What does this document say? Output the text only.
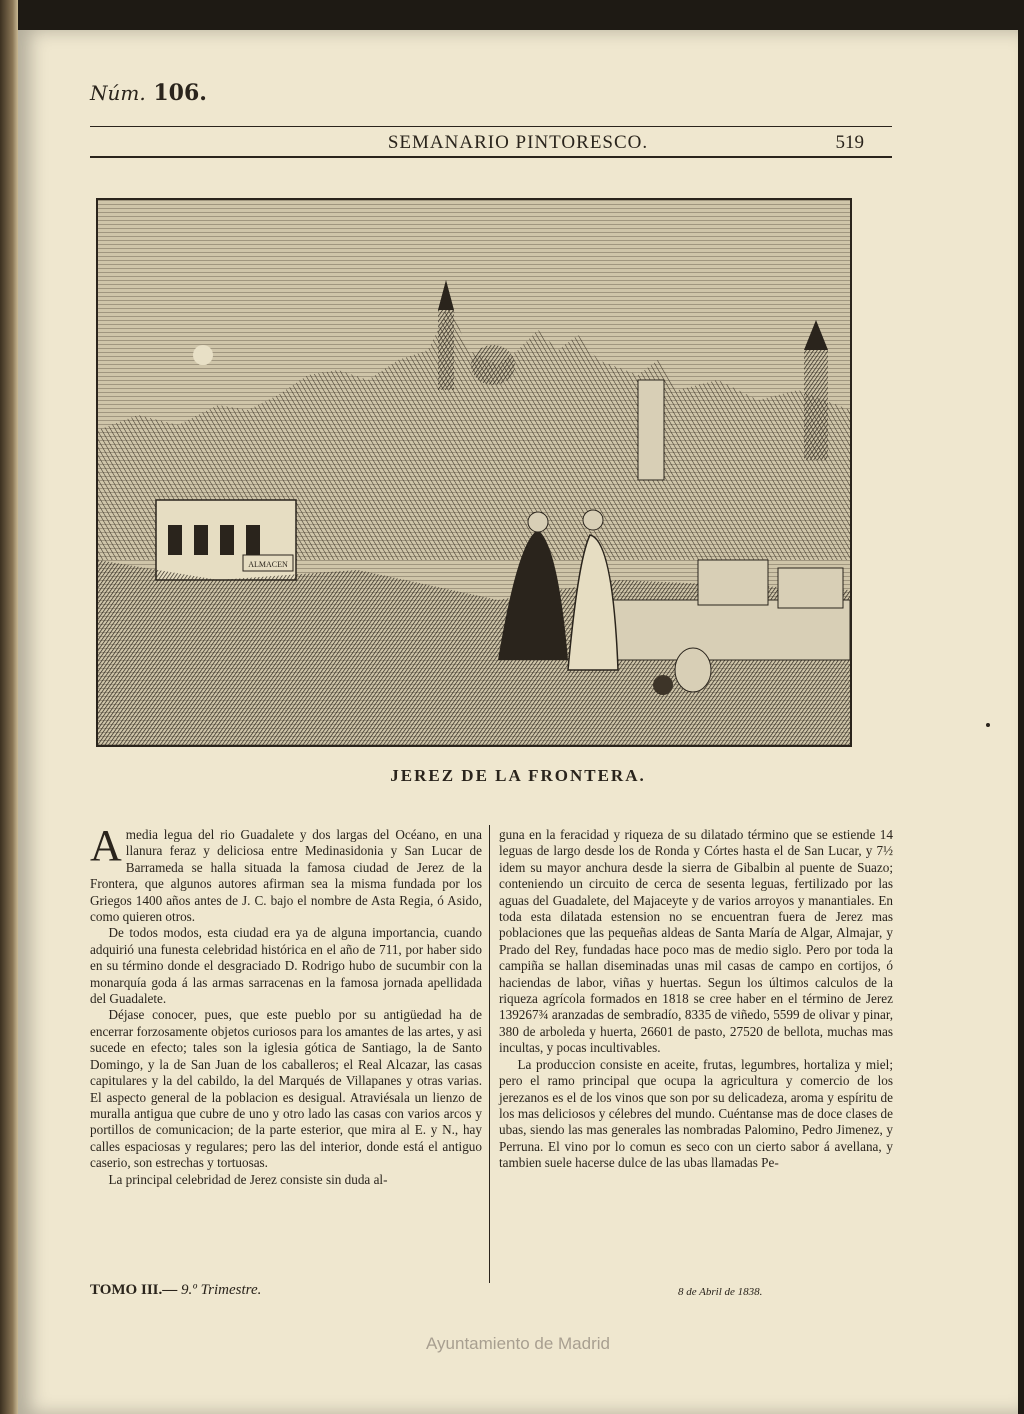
Núm. 106.
SEMANARIO PINTORESCO.	519
ALMACEN
JEREZ DE LA FRONTERA.

Amedia legua del rio Guadalete y dos largas del Océano, en una llanura feraz y deliciosa entre Medinasidonia y San Lucar de Barrameda se halla situada la famosa ciudad de Jerez de la Frontera, que algunos autores afirman sea la misma fundada por los Griegos 1400 años antes de J. C. bajo el nombre de Asta Regia, ó Asido, como quieren otros.

De todos modos, esta ciudad era ya de alguna importancia, cuando adquirió una funesta celebridad histórica en el año de 711, por haber sido en su término donde el desgraciado D. Rodrigo hubo de sucumbir con la monarquía goda á las armas sarracenas en la famosa jornada apellidada del Guadalete.

Déjase conocer, pues, que este pueblo por su antigüedad ha de encerrar forzosamente objetos curiosos para los amantes de las artes, y asi sucede en efecto; tales son la iglesia gótica de Santiago, la de Santo Domingo, y la de San Juan de los caballeros; el Real Alcazar, las casas capitulares y la del cabildo, la del Marqués de Villapanes y otras varias. El aspecto general de la poblacion es desigual. Atraviésala un lienzo de muralla antigua que cubre de uno y otro lado las casas con varios arcos y portillos de comunicacion; de la parte esterior, que mira al E. y N., hay calles espaciosas y regulares; pero las del interior, donde está el antiguo caserio, son estrechas y tortuosas.

La principal celebridad de Jerez consiste sin duda al-

guna en la feracidad y riqueza de su dilatado término que se estiende 14 leguas de largo desde los de Ronda y Córtes hasta el de San Lucar, y 7½ idem su mayor anchura desde la sierra de Gibalbin al puente de Suazo; conteniendo un circuito de cerca de sesenta leguas, fertilizado por las aguas del Guadalete, del Majaceyte y de varios arroyos y manantiales. En toda esta dilatada estension no se encuentran fuera de Jerez mas poblaciones que las pequeñas aldeas de Santa María de Algar, Almajar, y Prado del Rey, fundadas hace poco mas de medio siglo. Pero por toda la campiña se hallan diseminadas unas mil casas de campo en cortijos, ó haciendas de labor, viñas y huertas. Segun los últimos calculos de la riqueza agrícola formados en 1818 se cree haber en el término de Jerez 139267¾ aranzadas de sembradío, 8335 de viñedo, 5599 de olivar y pinar, 380 de arboleda y huerta, 26601 de pasto, 27520 de bellota, muchas mas incultas, y pocas incultivables.

La produccion consiste en aceite, frutas, legumbres, hortaliza y miel; pero el ramo principal que ocupa la agricultura y comercio de los jerezanos es el de los vinos que son por su delicadeza, aroma y espíritu de los mas deliciosos y célebres del mundo. Cuéntanse mas de doce clases de ubas, siendo las mas generales las nombradas Palomino, Pedro Jimenez, y Perruna. El vino por lo comun es seco con un cierto sabor á avellana, y tambien suele hacerse dulce de las ubas llamadas Pe-

TOMO III.— 9.º Trimestre.	8 de Abril de 1838.
Ayuntamiento de Madrid
